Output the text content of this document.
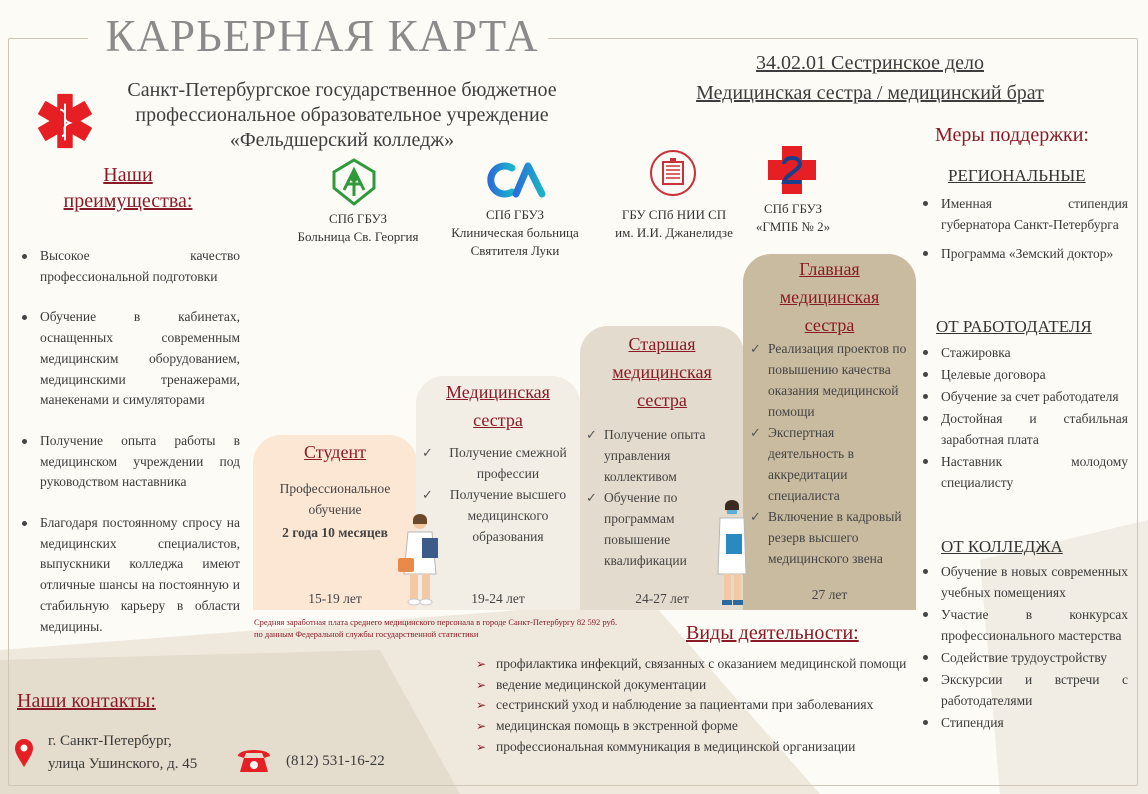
КАРЬЕРНАЯ КАРТА
Санкт-Петербургское государственное бюджетное
профессиональное образовательное учреждение
«Фельдшерский колледж»
34.02.01 Сестринское дело
Медицинская сестра / медицинский брат
Наши
преимущества:
Высокое качество профессиональной подготовки
Обучение в кабинетах, оснащенных современным медицинским оборудованием, медицинскими тренажерами, манекенами и симуляторами
Получение опыта работы в медицинском учреждении под руководством наставника
Благодаря постоянному спросу на медицинских специалистов, выпускники колледжа имеют отличные шансы на постоянную и стабильную карьеру в области медицины.
СПб ГБУЗ
Больница Св. Георгия
СПб ГБУЗ
Клиническая больница
Святителя Луки
ГБУ СПб НИИ СП
им. И.И. Джанелидзе
СПб ГБУЗ
«ГМПБ № 2»
Студент
Профессиональное
обучение
2 года 10 месяцев
15-19 лет
Медицинская
сестра
✓ Получение смежной профессии
✓ Получение высшего медицинского образования
19-24 лет
Старшая
медицинская
сестра
✓ Получение опыта управления коллективом
✓ Обучение по программам повышение квалификации
24-27 лет
Главная
медицинская
сестра
✓ Реализация проектов по повышению качества оказания медицинской помощи
✓ Экспертная деятельность в аккредитации специалиста
✓ Включение в кадровый резерв высшего медицинского звена
27 лет
Средняя заработная плата среднего медицинского персонала в городе Санкт-Петербургу 82 592 руб.
по данным Федеральной службы государственной статистики	Виды деятельности:
➢ профилактика инфекций, связанных с оказанием медицинской помощи
➢ ведение медицинской документации
➢ сестринский уход и наблюдение за пациентами при заболеваниях
➢ медицинская помощь в экстренной форме
➢ профессиональная коммуникация в медицинской организации
Меры поддержки:
РЕГИОНАЛЬНЫЕ
Именная стипендия губернатора Санкт-Петербурга
Программа «Земский доктор»
ОТ РАБОТОДАТЕЛЯ
Стажировка
Целевые договора
Обучение за счет работодателя
Достойная и стабильная заработная плата
Наставник молодому специалисту
ОТ КОЛЛЕДЖА
Обучение в новых современных учебных помещениях
Участие в конкурсах профессионального мастерства
Содействие трудоустройству
Экскурсии и встречи с работодателями
Стипендия
Наши контакты:
г. Санкт-Петербург,
улица Ушинского, д. 45	(812) 531-16-22
